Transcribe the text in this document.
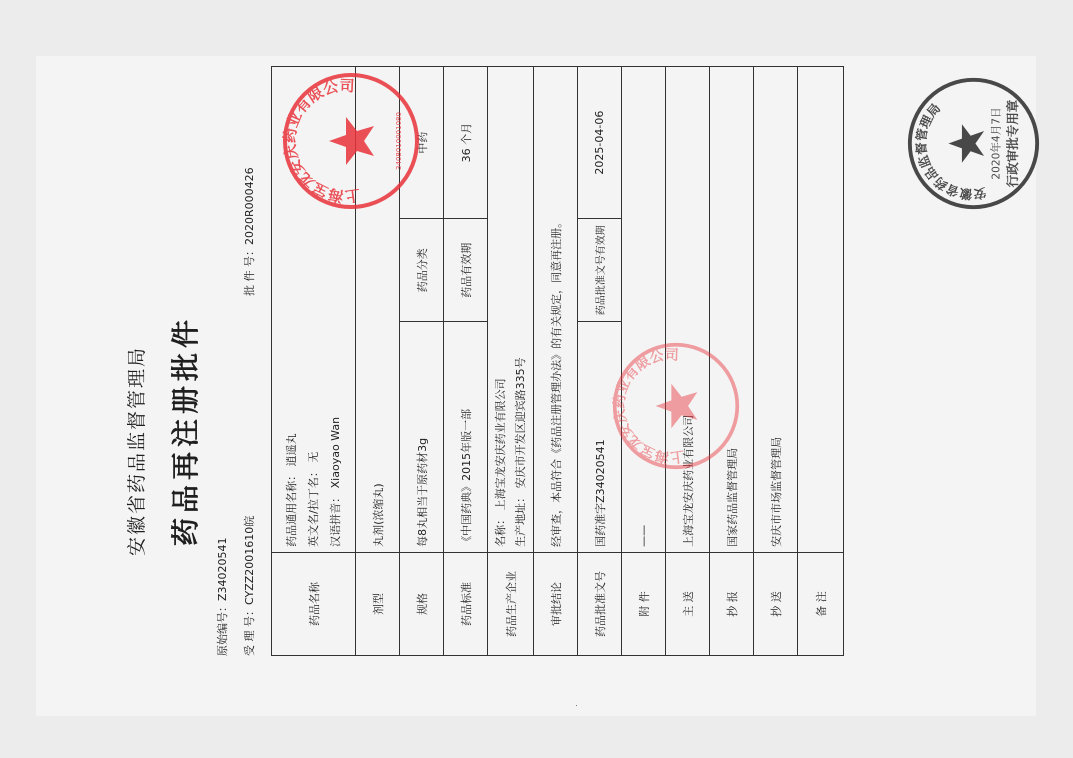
安徽省药品监督管理局 药品再注册批件
原始编号：Z34020541
受 理 号：CYZZ2001610皖
批 件 号：2020R000426
药品名称	药品通用名称： 逍遥丸 英文名/拉丁名： 无 汉语拼音： Xiaoyao Wan		

剂型	丸剂(浓缩丸)		
规格	每8丸相当于原药材3g	药品分类	中药
药品标准	《中国药典》2015年版一部	药品有效期	36 个月
药品生产企业	名称： 上海宝龙安庆药业有限公司 生产地址： 安庆市开发区迎宾路335号		

审批结论	经审查，本品符合《药品注册管理办法》的有关规定，同意再注册。		
药品批准文号	国药准字Z34020541	药品批准文号有效期	2025-04-06
附 件	——		
主 送	上海宝龙安庆药业有限公司		
抄 报	国家药品监督管理局		
抄 送	安庆市市场监督管理局		
备 注			
上海宝龙安庆药业有限公司
3408010001080
上海宝龙安庆药业有限公司
安徽省药品监督管理局	2020年4月7日 行政审批专用章
